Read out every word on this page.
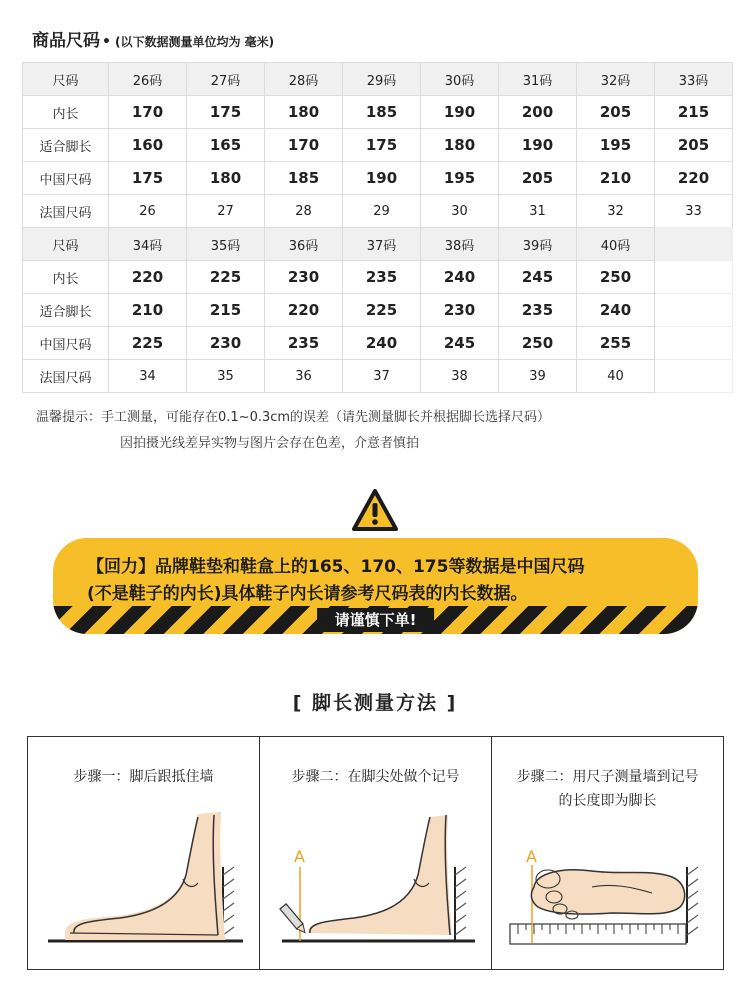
商品尺码 • (以下数据测量单位均为 毫米)
尺码	26码	27码	28码	29码	30码	31码	32码	33码
内长	170	175	180	185	190	200	205	215
适合脚长	160	165	170	175	180	190	195	205
中国尺码	175	180	185	190	195	205	210	220
法国尺码	26	27	28	29	30	31	32	33
尺码	34码	35码	36码	37码	38码	39码	40码	
内长	220	225	230	235	240	245	250	
适合脚长	210	215	220	225	230	235	240	
中国尺码	225	230	235	240	245	250	255	
法国尺码	34	35	36	37	38	39	40	
温馨提示：手工测量，可能存在0.1~0.3cm的误差（请先测量脚长并根据脚长选择尺码）
因拍摄光线差异实物与图片会存在色差，介意者慎拍
【回力】品牌鞋垫和鞋盒上的165、170、175等数据是中国尺码
(不是鞋子的内长)具体鞋子内长请参考尺码表的内长数据。
请谨慎下单!
[ 脚长测量方法 ]
步骤一：脚后跟抵住墙	步骤二：在脚尖处做个记号
A
步骤二：用尺子测量墙到记号
的长度即为脚长
A
